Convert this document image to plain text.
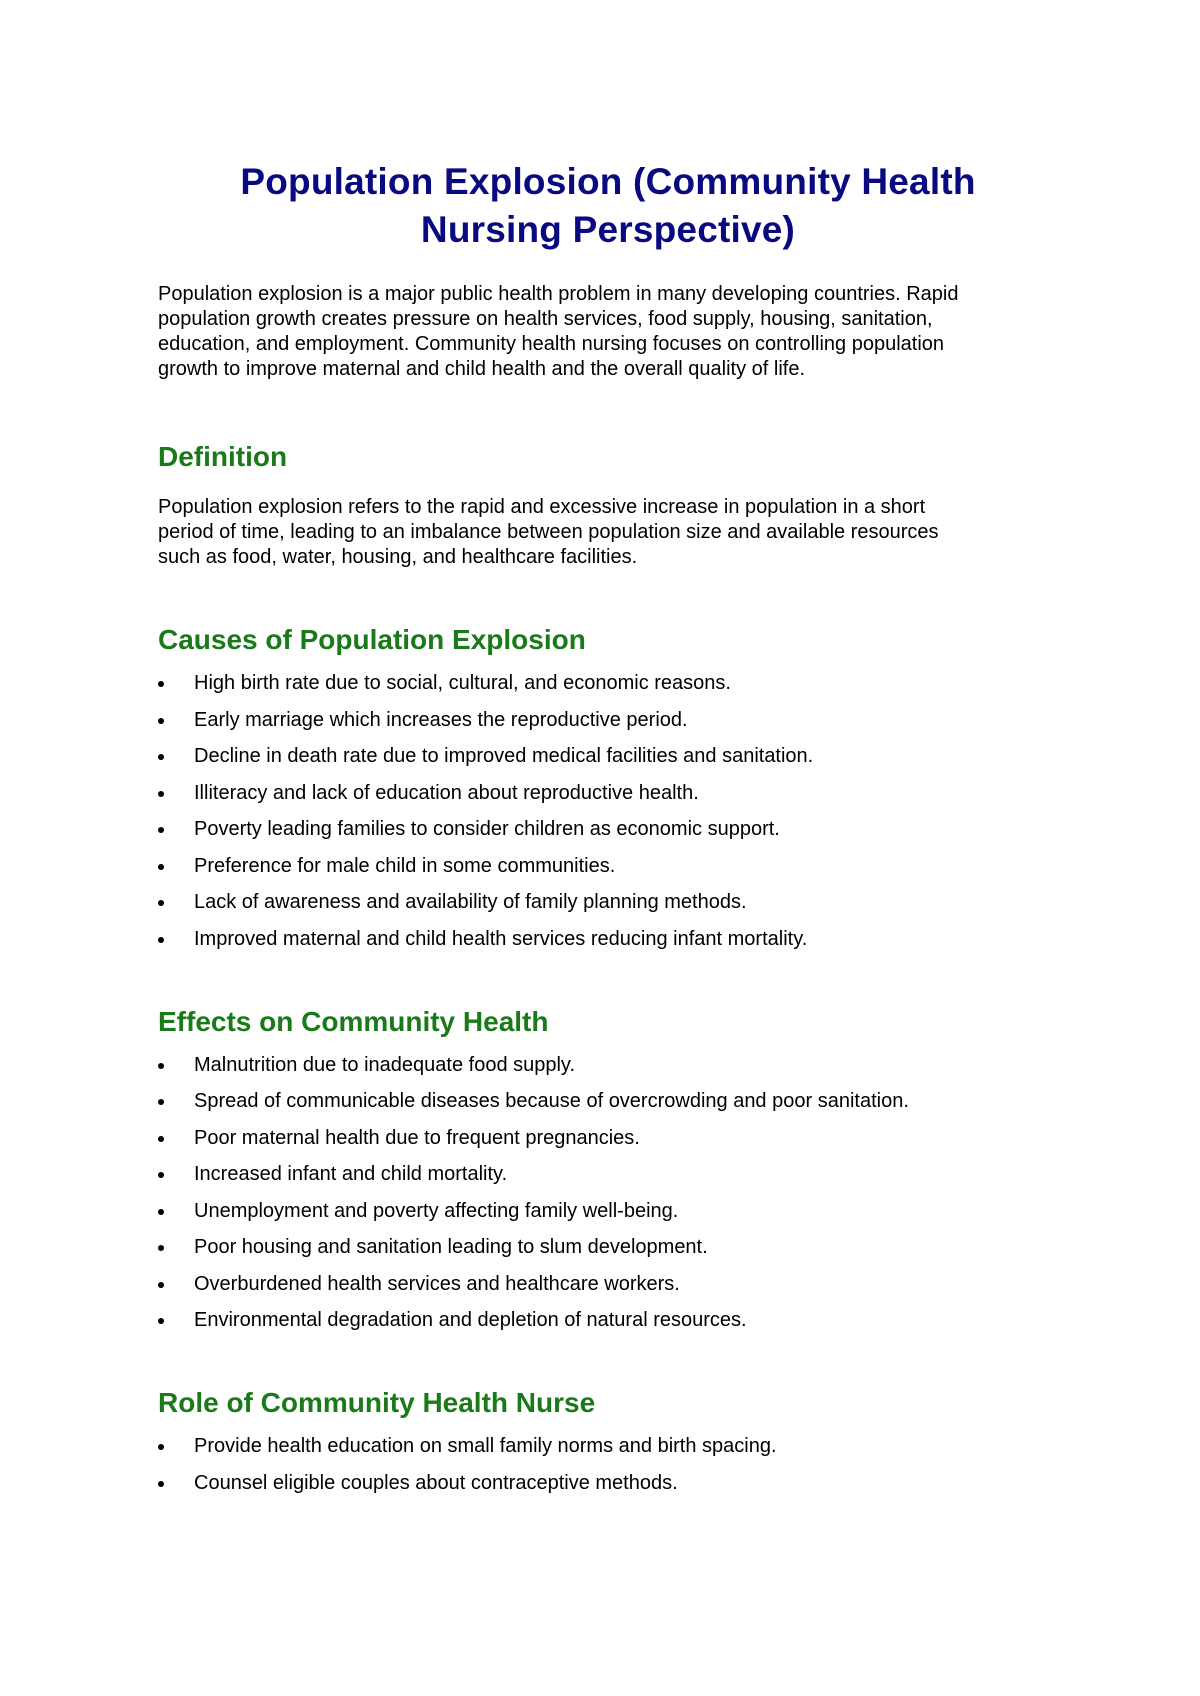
Population Explosion (Community Health
Nursing Perspective)

Population explosion is a major public health problem in many developing countries. Rapid
population growth creates pressure on health services, food supply, housing, sanitation,
education, and employment. Community health nursing focuses on controlling population
growth to improve maternal and child health and the overall quality of life.

Definition

Population explosion refers to the rapid and excessive increase in population in a short
period of time, leading to an imbalance between population size and available resources
such as food, water, housing, and healthcare facilities.

Causes of Population Explosion
High birth rate due to social, cultural, and economic reasons.
Early marriage which increases the reproductive period.
Decline in death rate due to improved medical facilities and sanitation.
Illiteracy and lack of education about reproductive health.
Poverty leading families to consider children as economic support.
Preference for male child in some communities.
Lack of awareness and availability of family planning methods.
Improved maternal and child health services reducing infant mortality.
Effects on Community Health
Malnutrition due to inadequate food supply.
Spread of communicable diseases because of overcrowding and poor sanitation.
Poor maternal health due to frequent pregnancies.
Increased infant and child mortality.
Unemployment and poverty affecting family well-being.
Poor housing and sanitation leading to slum development.
Overburdened health services and healthcare workers.
Environmental degradation and depletion of natural resources.
Role of Community Health Nurse
Provide health education on small family norms and birth spacing.
Counsel eligible couples about contraceptive methods.
